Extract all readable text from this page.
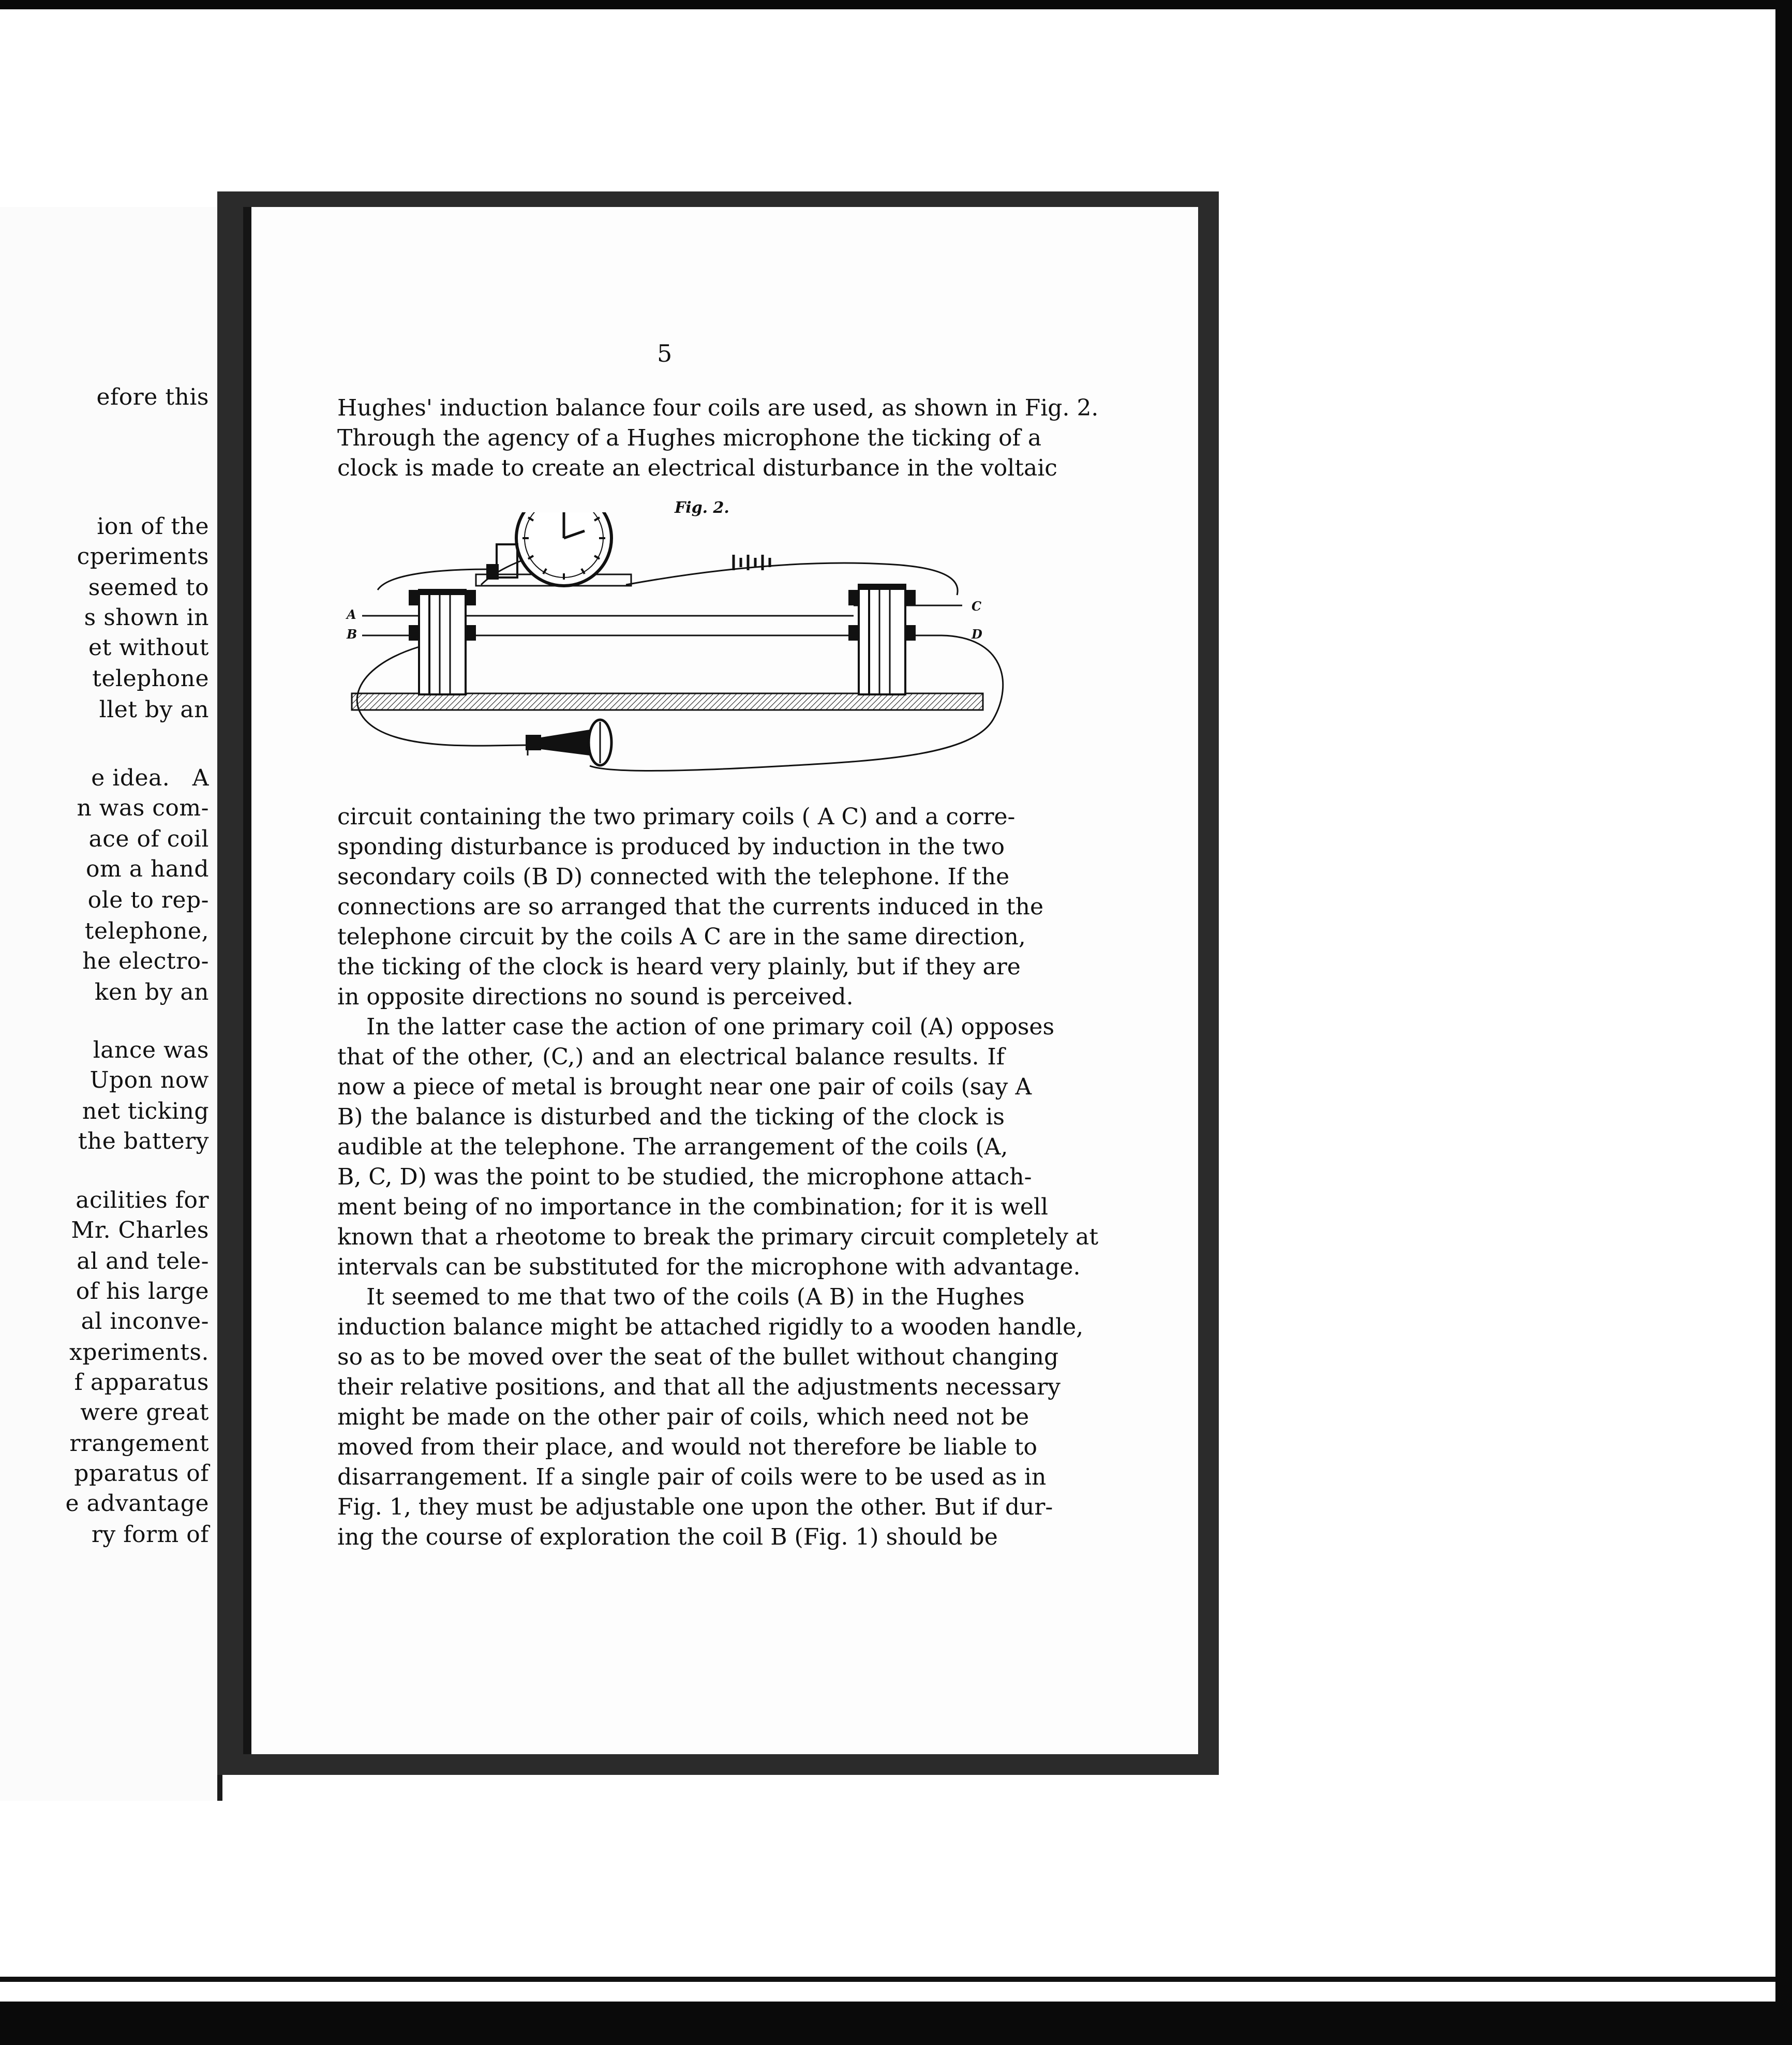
efore this
ion of the
cperiments
seemed to
s shown in
et without
telephone
llet by an
e idea.   A
n was com-
ace of coil
om a hand
ole to rep-
telephone,
he electro-
ken by an
lance was
Upon now
net ticking
the battery
acilities for
Mr. Charles
al and tele-
of his large
al inconve-
xperiments.
f apparatus
were great
rrangement
pparatus of
e advantage
ry form of
5
Hughes' induction balance four coils are used, as shown in Fig. 2.
Through the agency of a Hughes microphone the ticking of a
clock is made to create an electrical disturbance in the voltaic
circuit containing the two primary coils ( A C) and a corre-
sponding disturbance is produced by induction in the two
secondary coils (B D) connected with the telephone. If the
connections are so arranged that the currents induced in the
telephone circuit by the coils A C are in the same direction,
the ticking of the clock is heard very plainly, but if they are
in opposite directions no sound is perceived.
In the latter case the action of one primary coil (A) opposes
that of the other, (C,) and an electrical balance results. If
now a piece of metal is brought near one pair of coils (say A
B) the balance is disturbed and the ticking of the clock is
audible at the telephone. The arrangement of the coils (A,
B, C, D) was the point to be studied, the microphone attach-
ment being of no importance in the combination; for it is well
known that a rheotome to break the primary circuit completely at
intervals can be substituted for the microphone with advantage.
It seemed to me that two of the coils (A B) in the Hughes
induction balance might be attached rigidly to a wooden handle,
so as to be moved over the seat of the bullet without changing
their relative positions, and that all the adjustments necessary
might be made on the other pair of coils, which need not be
moved from their place, and would not therefore be liable to
disarrangement. If a single pair of coils were to be used as in
Fig. 1, they must be adjustable one upon the other. But if dur-
ing the course of exploration the coil B (Fig. 1) should be
Fig. 2.
A
B
C
D
